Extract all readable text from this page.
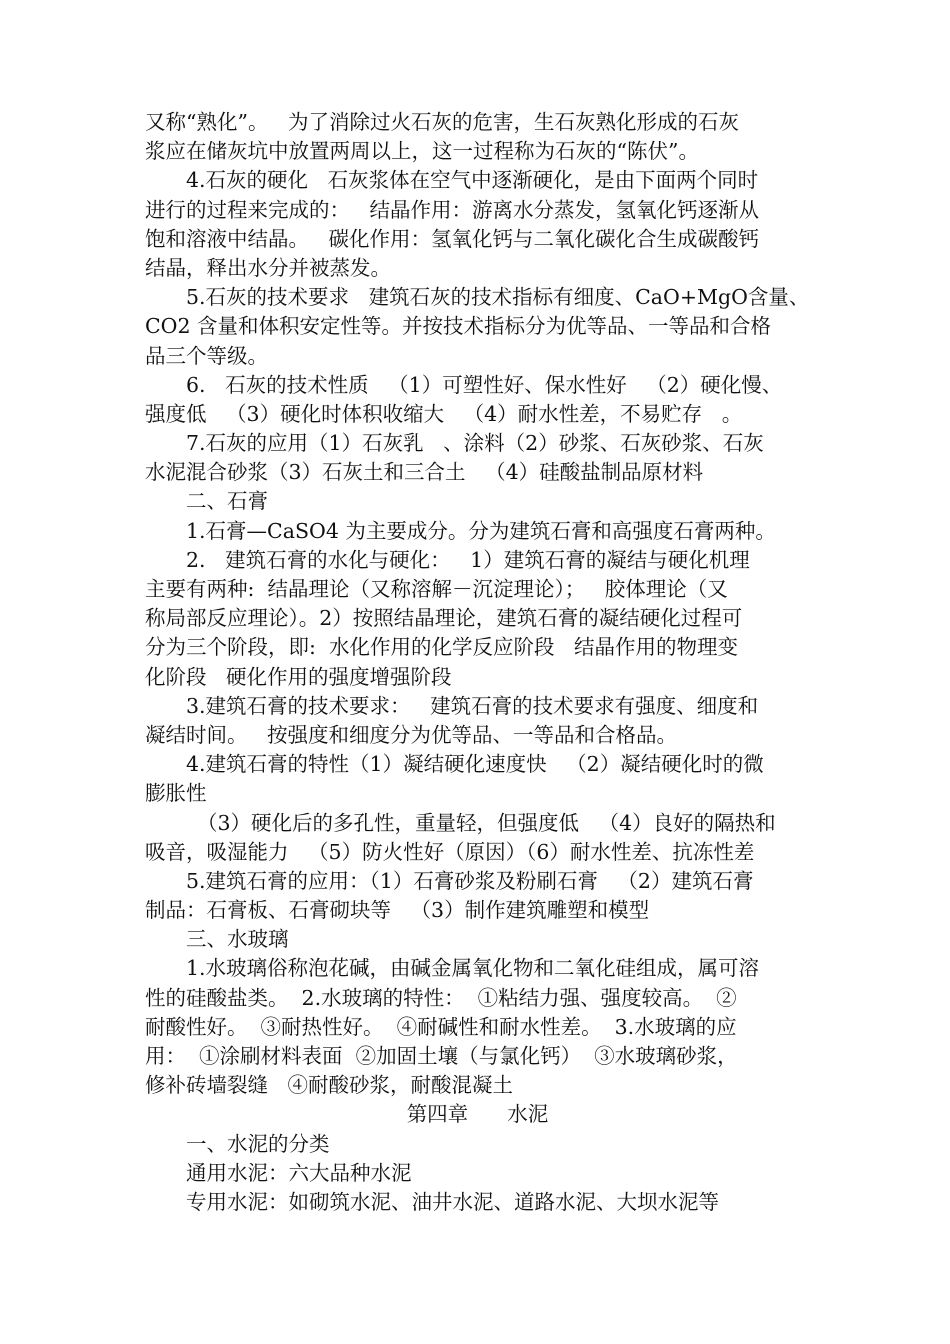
又称“熟化”。   为了消除过火石灰的危害，生石灰熟化形成的石灰
浆应在储灰坑中放置两周以上，这一过程称为石灰的“陈伏”。
4.石灰的硬化   石灰浆体在空气中逐渐硬化，是由下面两个同时
进行的过程来完成的：   结晶作用：游离水分蒸发，氢氧化钙逐渐从
饱和溶液中结晶。   碳化作用：氢氧化钙与二氧化碳化合生成碳酸钙
结晶，释出水分并被蒸发。
5.石灰的技术要求   建筑石灰的技术指标有细度、CaO+MgO含量、
CO2 含量和体积安定性等。并按技术指标分为优等品、一等品和合格
品三个等级。
6.   石灰的技术性质   （1）可塑性好、保水性好   （2）硬化慢、
强度低   （3）硬化时体积收缩大   （4）耐水性差，不易贮存   。
7.石灰的应用（1）石灰乳   、涂料（2）砂浆、石灰砂浆、石灰
水泥混合砂浆（3）石灰土和三合土   （4）硅酸盐制品原材料
二、石膏
1.石膏—CaSO4 为主要成分。分为建筑石膏和高强度石膏两种。
2.   建筑石膏的水化与硬化：   1）建筑石膏的凝结与硬化机理
主要有两种:  结晶理论（又称溶解－沉淀理论）；   胶体理论（又
称局部反应理论）。2）按照结晶理论，建筑石膏的凝结硬化过程可
分为三个阶段，即:  水化作用的化学反应阶段   结晶作用的物理变
化阶段   硬化作用的强度增强阶段
3.建筑石膏的技术要求：   建筑石膏的技术要求有强度、细度和
凝结时间。   按强度和细度分为优等品、一等品和合格品。
4.建筑石膏的特性（1）凝结硬化速度快   （2）凝结硬化时的微
膨胀性
（3）硬化后的多孔性，重量轻，但强度低   （4）良好的隔热和
吸音，吸湿能力   （5）防火性好（原因）（6）耐水性差、抗冻性差
5.建筑石膏的应用：（1）石膏砂浆及粉刷石膏   （2）建筑石膏
制品：石膏板、石膏砌块等   （3）制作建筑雕塑和模型
三、水玻璃
1.水玻璃俗称泡花碱，由碱金属氧化物和二氧化硅组成，属可溶
性的硅酸盐类。  2.水玻璃的特性：  ①粘结力强、强度较高。  ②
耐酸性好。  ③耐热性好。  ④耐碱性和耐水性差。  3.水玻璃的应
用：  ①涂刷材料表面  ②加固土壤（与氯化钙）  ③水玻璃砂浆，
修补砖墙裂缝   ④耐酸砂浆，耐酸混凝土
第四章      水泥
一、水泥的分类
通用水泥：六大品种水泥
专用水泥：如砌筑水泥、油井水泥、道路水泥、大坝水泥等
